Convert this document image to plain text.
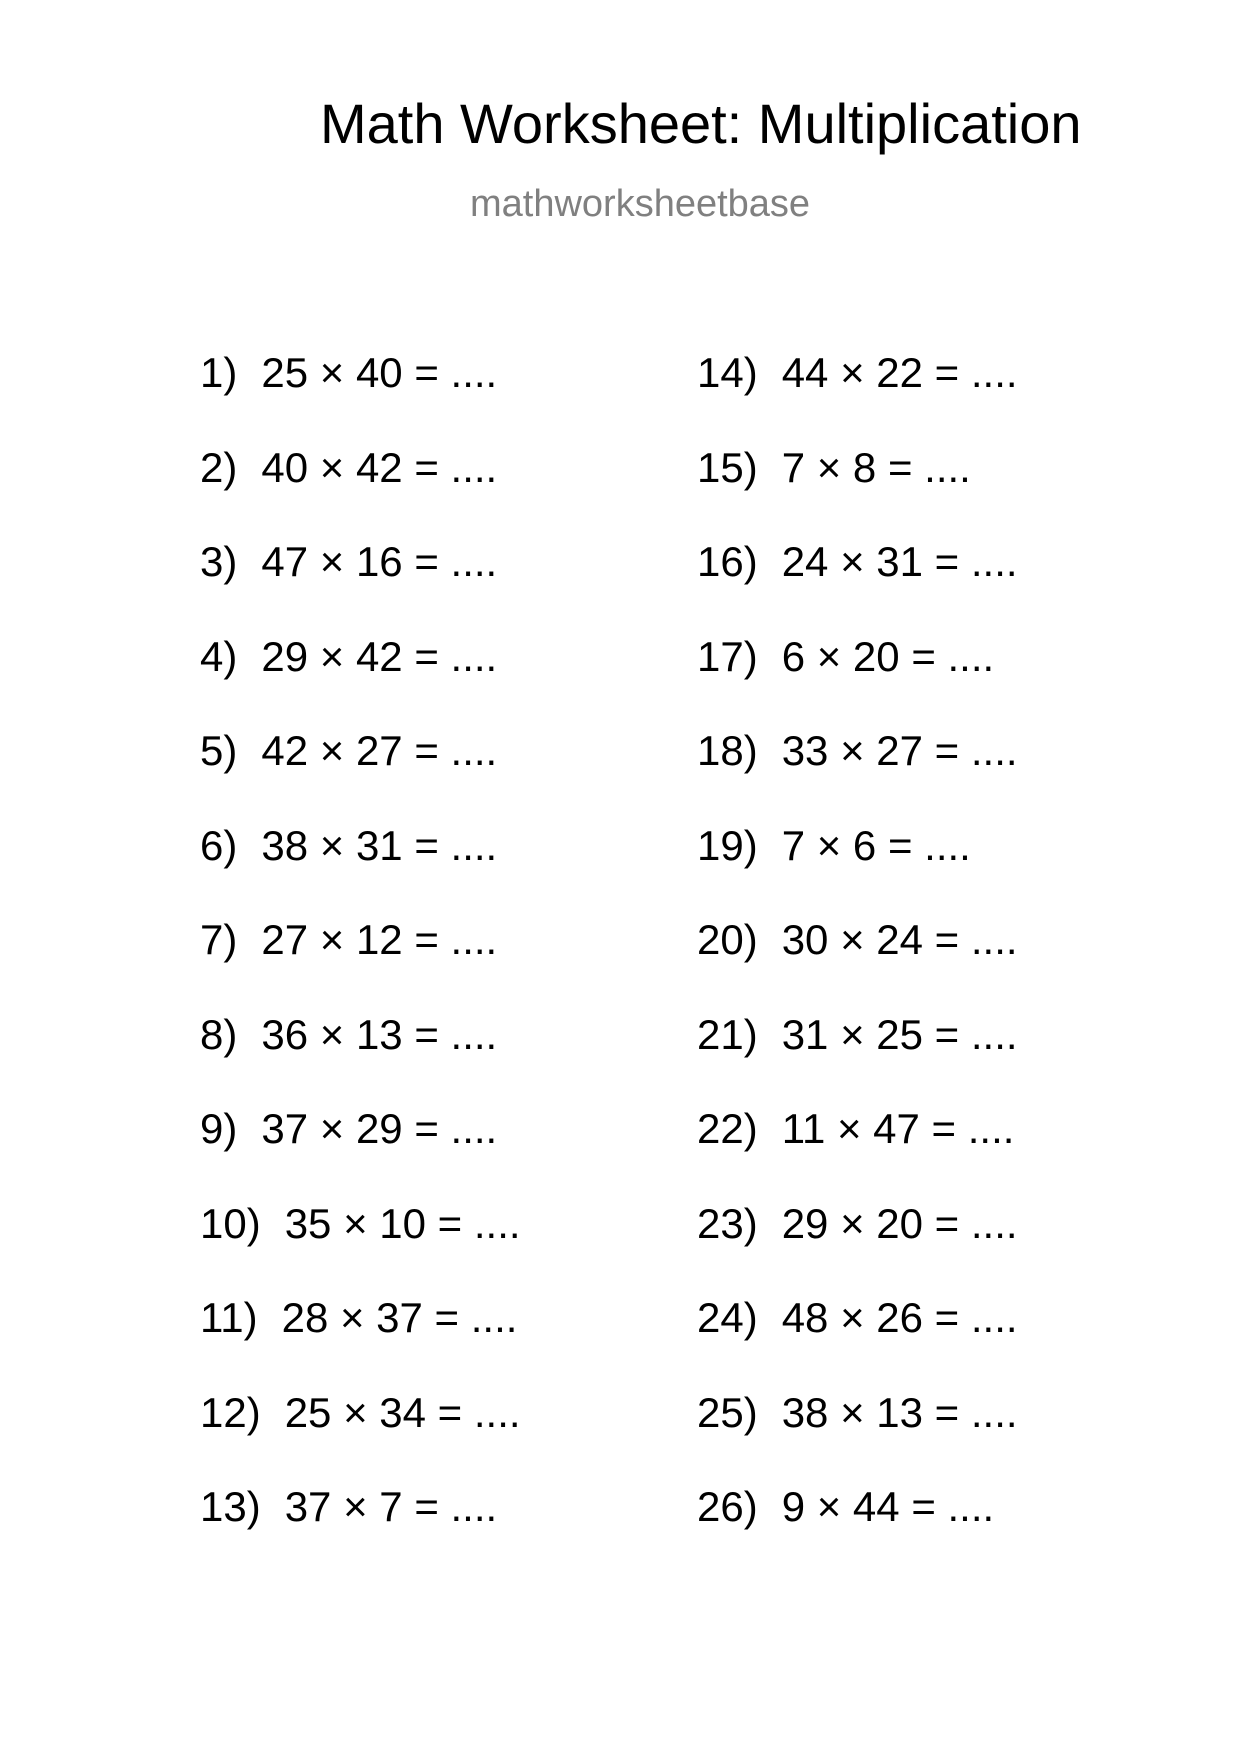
Math Worksheet: Multiplication
mathworksheetbase
1) 25 × 40 = ....
2) 40 × 42 = ....
3) 47 × 16 = ....
4) 29 × 42 = ....
5) 42 × 27 = ....
6) 38 × 31 = ....
7) 27 × 12 = ....
8) 36 × 13 = ....
9) 37 × 29 = ....
10) 35 × 10 = ....
11) 28 × 37 = ....
12) 25 × 34 = ....
13) 37 × 7 = ....
14) 44 × 22 = ....
15) 7 × 8 = ....
16) 24 × 31 = ....
17) 6 × 20 = ....
18) 33 × 27 = ....
19) 7 × 6 = ....
20) 30 × 24 = ....
21) 31 × 25 = ....
22) 11 × 47 = ....
23) 29 × 20 = ....
24) 48 × 26 = ....
25) 38 × 13 = ....
26) 9 × 44 = ....
